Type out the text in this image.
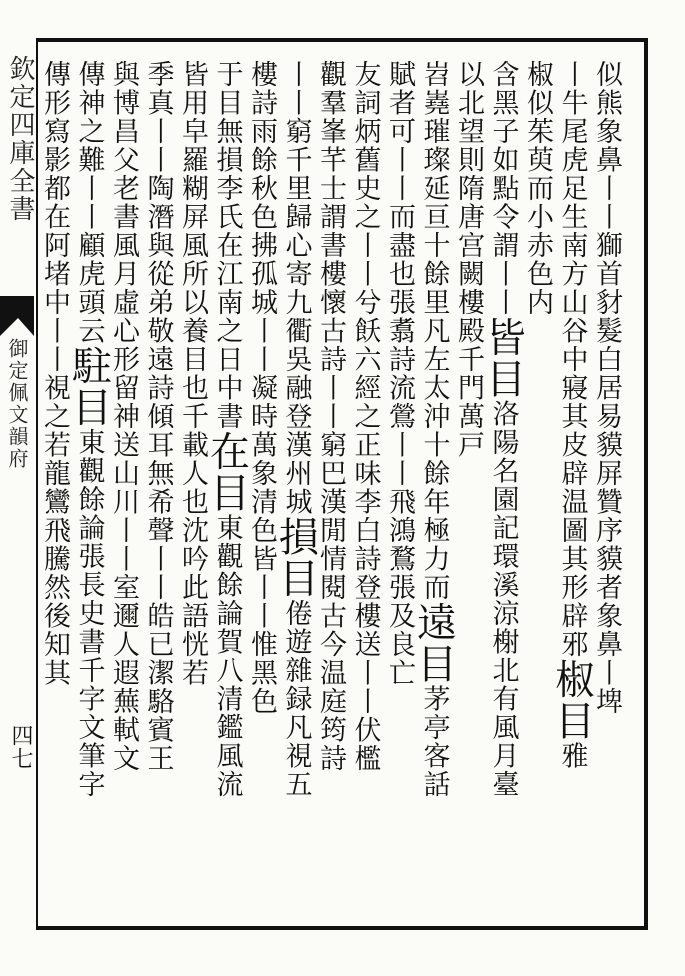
欽定四庫全書
御定佩文韻府
四七
似熊象鼻丨丨獅首豺髮白居易貘屏贊序貘者象鼻丨埤
丨牛尾虎足生南方山谷中寢其皮辟温圖其形辟邪椒目雅
椒似茱萸而小赤色内
含黑子如點令謂丨丨皆目洛陽名園記環溪涼榭北有風月臺
以北望則隋唐宫闕樓殿千門萬戸
岧嶤璀璨延亘十餘里凡左太沖十餘年極力而遠目茅亭客話
賦者可丨丨而盡也張翥詩流鶯丨丨飛鴻鶩張及良亡
友詞炳舊史之丨丨兮飫六經之正味李白詩登樓送丨丨伏檻
觀羣峯芊士謂書樓懷古詩丨丨窮巴漢閒情閱古今温庭筠詩
丨丨窮千里歸心寄九衢吳融登漢州城損目倦遊雜録凡視五
樓詩雨餘秋色拂孤城丨丨凝時萬象清色皆丨丨惟黑色
于目無損李氏在江南之日中書在目東觀餘論賀八清鑑風流
皆用皁羅糊屏風所以養目也千載人也沈吟此語恍若
季真丨丨陶潛與從弟敬遠詩傾耳無希聲丨丨皓已潔駱賓王
與博昌父老書風月虛心形留神送山川丨丨室邇人遐蕪軾文
傳神之難丨丨顧虎頭云駐目東觀餘論張長史書千字文筆字
傳形寫影都在阿堵中丨丨視之若龍鸞飛騰然後知其
